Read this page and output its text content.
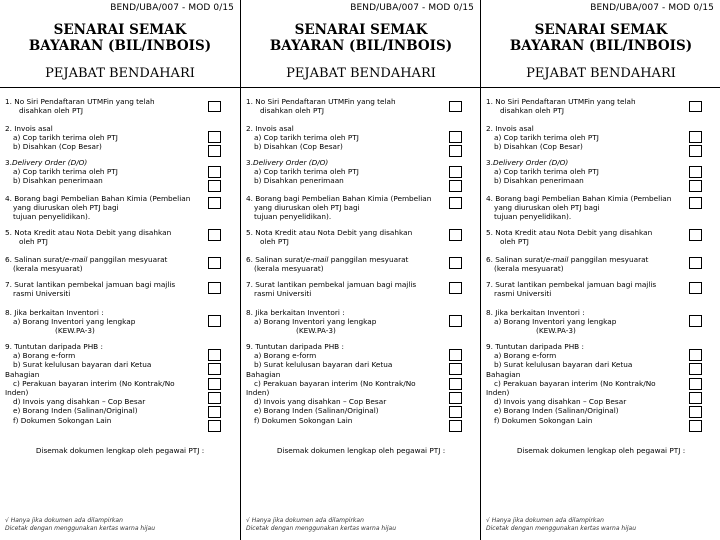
BEND/UBA/007 - MOD 0/15
SENARAI SEMAK
BAYARAN (BIL/INBOIS)
PEJABAT BENDAHARI
1. No Siri Pendaftaran UTMFin yang telah
disahkan oleh PTJ
2. Invois asal
a) Cop tarikh terima oleh PTJ
b) Disahkan (Cop Besar)
3.Delivery Order (D/O)
a) Cop tarikh terima oleh PTJ
b) Disahkan penerimaan
4. Borang bagi Pembelian Bahan Kimia (Pembelian
yang diuruskan oleh PTJ bagi
tujuan penyelidikan).
5. Nota Kredit atau Nota Debit yang disahkan
oleh PTJ
6. Salinan surat/e-mail panggilan mesyuarat
(kerala mesyuarat)
7. Surat lantikan pembekal jamuan bagi majlis
rasmi Universiti
8. Jika berkaitan Inventori :
a) Borang Inventori yang lengkap
(KEW.PA-3)
9. Tuntutan daripada PHB :
a) Borang e-form
b) Surat kelulusan bayaran dari Ketua
Bahagian
c) Perakuan bayaran interim (No Kontrak/No
Inden)
d) Invois yang disahkan – Cop Besar
e) Borang Inden (Salinan/Original)
f) Dokumen Sokongan Lain
Disemak dokumen lengkap oleh pegawai PTJ :
√ Hanya jika dokumen ada dilampirkan
Dicetak dengan menggunakan kertas warna hijau
BEND/UBA/007 - MOD 0/15
SENARAI SEMAK
BAYARAN (BIL/INBOIS)
PEJABAT BENDAHARI
1. No Siri Pendaftaran UTMFin yang telah
disahkan oleh PTJ
2. Invois asal
a) Cop tarikh terima oleh PTJ
b) Disahkan (Cop Besar)
3.Delivery Order (D/O)
a) Cop tarikh terima oleh PTJ
b) Disahkan penerimaan
4. Borang bagi Pembelian Bahan Kimia (Pembelian
yang diuruskan oleh PTJ bagi
tujuan penyelidikan).
5. Nota Kredit atau Nota Debit yang disahkan
oleh PTJ
6. Salinan surat/e-mail panggilan mesyuarat
(kerala mesyuarat)
7. Surat lantikan pembekal jamuan bagi majlis
rasmi Universiti
8. Jika berkaitan Inventori :
a) Borang Inventori yang lengkap
(KEW.PA-3)
9. Tuntutan daripada PHB :
a) Borang e-form
b) Surat kelulusan bayaran dari Ketua
Bahagian
c) Perakuan bayaran interim (No Kontrak/No
Inden)
d) Invois yang disahkan – Cop Besar
e) Borang Inden (Salinan/Original)
f) Dokumen Sokongan Lain
Disemak dokumen lengkap oleh pegawai PTJ :
√ Hanya jika dokumen ada dilampirkan
Dicetak dengan menggunakan kertas warna hijau
BEND/UBA/007 - MOD 0/15
SENARAI SEMAK
BAYARAN (BIL/INBOIS)
PEJABAT BENDAHARI
1. No Siri Pendaftaran UTMFin yang telah
disahkan oleh PTJ
2. Invois asal
a) Cop tarikh terima oleh PTJ
b) Disahkan (Cop Besar)
3.Delivery Order (D/O)
a) Cop tarikh terima oleh PTJ
b) Disahkan penerimaan
4. Borang bagi Pembelian Bahan Kimia (Pembelian
yang diuruskan oleh PTJ bagi
tujuan penyelidikan).
5. Nota Kredit atau Nota Debit yang disahkan
oleh PTJ
6. Salinan surat/e-mail panggilan mesyuarat
(kerala mesyuarat)
7. Surat lantikan pembekal jamuan bagi majlis
rasmi Universiti
8. Jika berkaitan Inventori :
a) Borang Inventori yang lengkap
(KEW.PA-3)
9. Tuntutan daripada PHB :
a) Borang e-form
b) Surat kelulusan bayaran dari Ketua
Bahagian
c) Perakuan bayaran interim (No Kontrak/No
Inden)
d) Invois yang disahkan – Cop Besar
e) Borang Inden (Salinan/Original)
f) Dokumen Sokongan Lain
Disemak dokumen lengkap oleh pegawai PTJ :
√ Hanya jika dokumen ada dilampirkan
Dicetak dengan menggunakan kertas warna hijau
